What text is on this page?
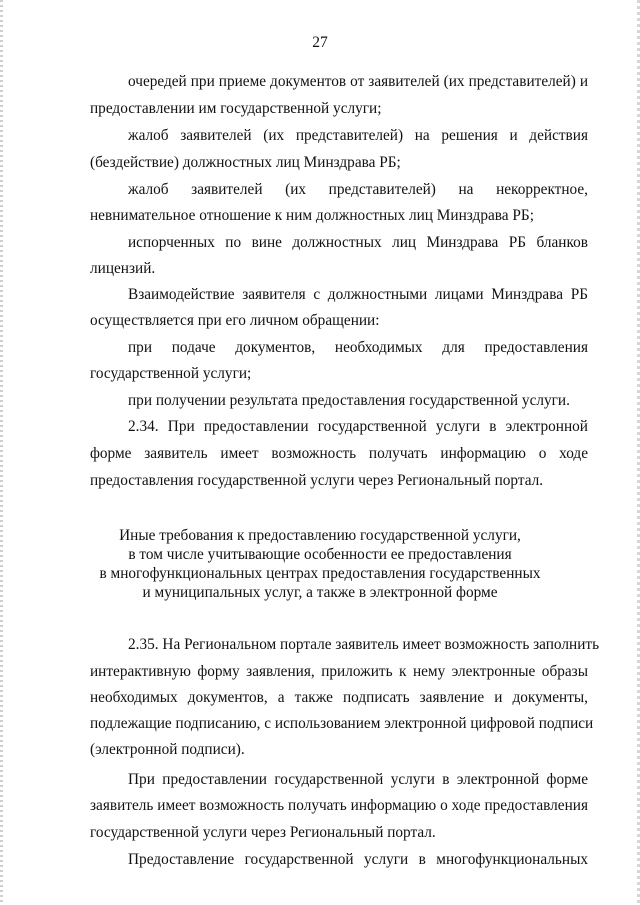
27
очередей при приеме документов от заявителей (их представителей) и
предоставлении им государственной услуги;
жалоб заявителей (их представителей) на решения и действия
(бездействие) должностных лиц Минздрава РБ;
жалоб заявителей (их представителей) на некорректное,
невнимательное отношение к ним должностных лиц Минздрава РБ;
испорченных по вине должностных лиц Минздрава РБ бланков
лицензий.
Взаимодействие заявителя с должностными лицами Минздрава РБ
осуществляется при его личном обращении:
при подаче документов, необходимых для предоставления
государственной услуги;
при получении результата предоставления государственной услуги.
2.34. При предоставлении государственной услуги в электронной
форме заявитель имеет возможность получать информацию о ходе
предоставления государственной услуги через Региональный портал.
Иные требования к предоставлению государственной услуги,
в том числе учитывающие особенности ее предоставления
в многофункциональных центрах предоставления государственных
и муниципальных услуг, а также в электронной форме
2.35. На Региональном портале заявитель имеет возможность заполнить
интерактивную форму заявления, приложить к нему электронные образы
необходимых документов, а также подписать заявление и документы,
подлежащие подписанию, с использованием электронной цифровой подписи
(электронной подписи).
При предоставлении государственной услуги в электронной форме
заявитель имеет возможность получать информацию о ходе предоставления
государственной услуги через Региональный портал.
Предоставление государственной услуги в многофункциональных
